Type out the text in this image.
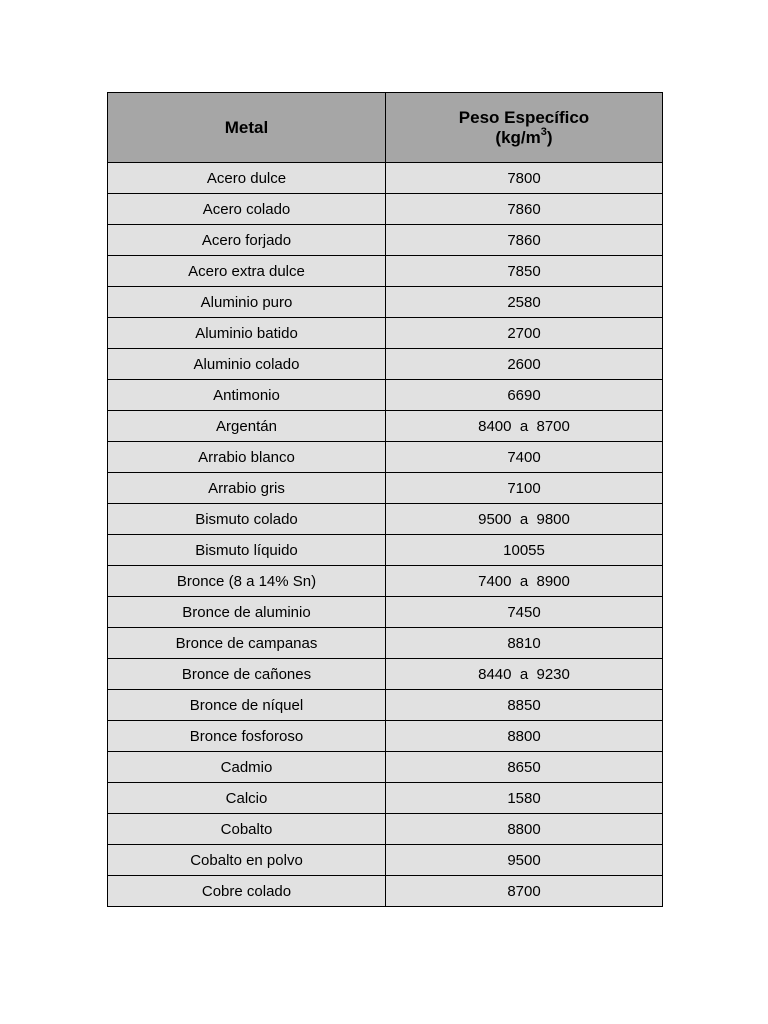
Metal	Peso Específico
$(kg/m^3)$
Acero dulce	7800
Acero colado	7860
Acero forjado	7860
Acero extra dulce	7850
Aluminio puro	2580
Aluminio batido	2700
Aluminio colado	2600
Antimonio	6690
Argentán	8400  a  8700
Arrabio blanco	7400
Arrabio gris	7100
Bismuto colado	9500  a  9800
Bismuto líquido	10055
Bronce (8 a 14% Sn)	7400  a  8900
Bronce de aluminio	7450
Bronce de campanas	8810
Bronce de cañones	8440  a  9230
Bronce de níquel	8850
Bronce fosforoso	8800
Cadmio	8650
Calcio	1580
Cobalto	8800
Cobalto en polvo	9500
Cobre colado	8700
